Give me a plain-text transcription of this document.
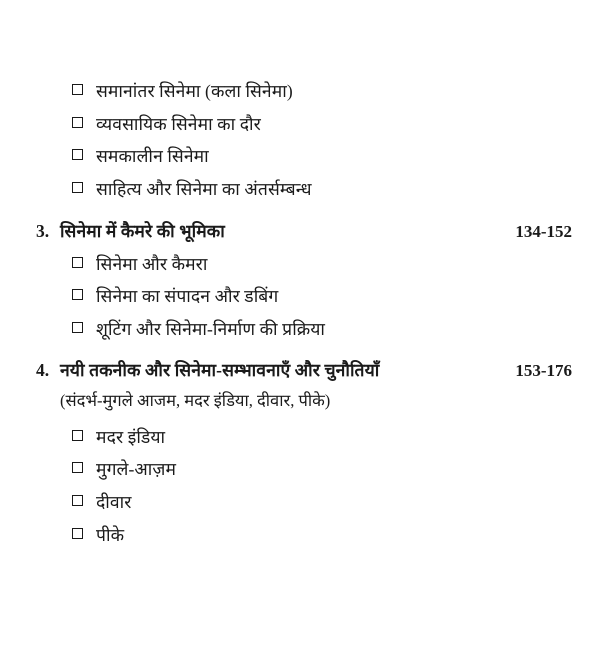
समानांतर सिनेमा (कला सिनेमा)
व्यवसायिक सिनेमा का दौर
समकालीन सिनेमा
साहित्य और सिनेमा का अंतर्सम्बन्ध
3. सिनेमा में कैमरे की भूमिका	134-152
सिनेमा और कैमरा
सिनेमा का संपादन और डबिंग
शूटिंग और सिनेमा-निर्माण की प्रक्रिया
4. नयी तकनीक और सिनेमा-सम्भावनाएँ और चुनौतियाँ	153-176
(संदर्भ-मुगले आजम, मदर इंडिया, दीवार, पीके)
मदर इंडिया
मुगले-आज़म
दीवार
पीके
